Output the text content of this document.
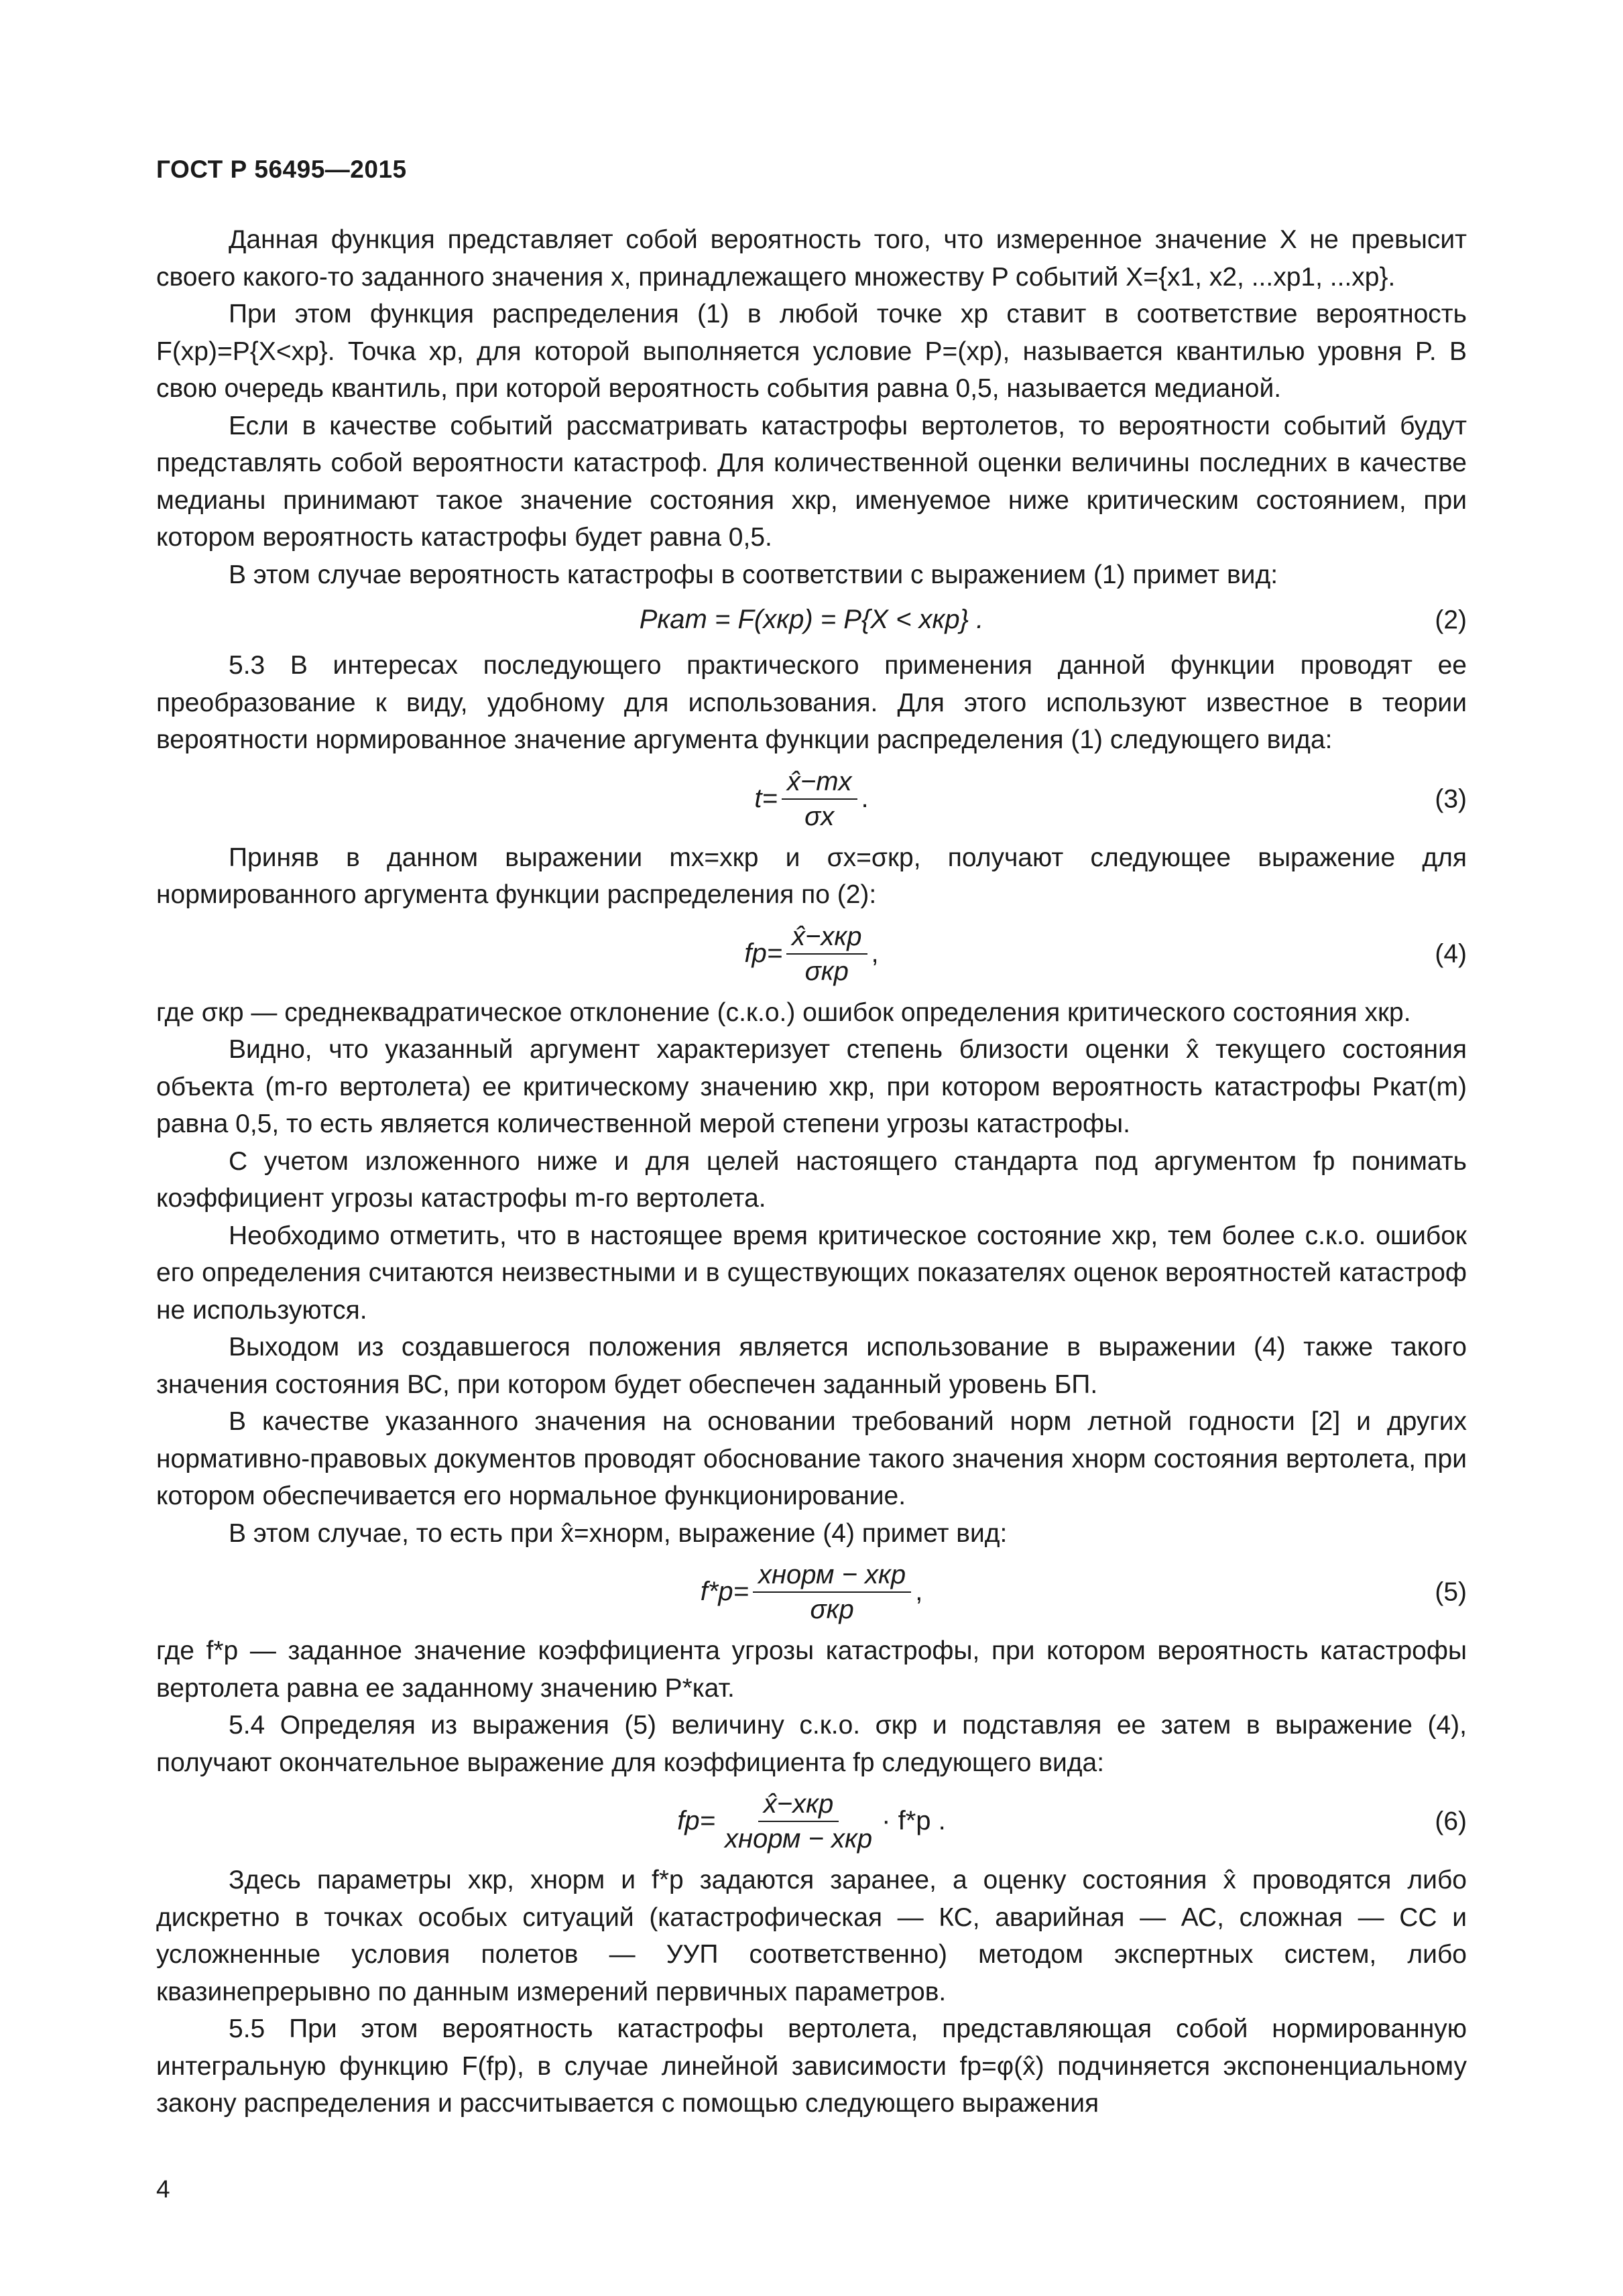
ГОСТ Р 56495—2015

Данная функция представляет собой вероятность того, что измеренное значение X не превысит своего какого-то заданного значения x, принадлежащего множеству P событий X={x1, x2, ...xp1, ...xp}.

При этом функция распределения (1) в любой точке xp ставит в соответствие вероятность F(xp)=P{X<xp}. Точка xp, для которой выполняется условие P=(xp), называется квантилью уровня P. В свою очередь квантиль, при которой вероятность события равна 0,5, называется медианой.

Если в качестве событий рассматривать катастрофы вертолетов, то вероятности событий будут представлять собой вероятности катастроф. Для количественной оценки величины последних в качестве медианы принимают такое значение состояния xкр, именуемое ниже критическим состоянием, при котором вероятность катастрофы будет равна 0,5.

В этом случае вероятность катастрофы в соответствии с выражением (1) примет вид:

Pкат = F(xкр) = P{X < xкр} .	(2)

5.3 В интересах последующего практического применения данной функции проводят ее преобразование к виду, удобному для использования. Для этого используют известное в теории вероятности нормированное значение аргумента функции распределения (1) следующего вида:

$t= \frac{x̂-mx}{\sigma x}$ .	(3)

Приняв в данном выражении mx=xкр и σx=σкр, получают следующее выражение для нормированного аргумента функции распределения по (2):

$fр= \frac{\text{x̂−xкр}}{\text{σкр}}$ ,	(4)

где σкр — среднеквадратическое отклонение (с.к.о.) ошибок определения критического состояния xкр.

Видно, что указанный аргумент характеризует степень близости оценки x̂ текущего состояния объекта (m-го вертолета) ее критическому значению xкр, при котором вероятность катастрофы Pкат(m) равна 0,5, то есть является количественной мерой степени угрозы катастрофы.

С учетом изложенного ниже и для целей настоящего стандарта под аргументом fр понимать коэффициент угрозы катастрофы m-го вертолета.

Необходимо отметить, что в настоящее время критическое состояние xкр, тем более с.к.о. ошибок его определения считаются неизвестными и в существующих показателях оценок вероятностей катастроф не используются.

Выходом из создавшегося положения является использование в выражении (4) также такого значения состояния ВС, при котором будет обеспечен заданный уровень БП.

В качестве указанного значения на основании требований норм летной годности [2] и других нормативно-правовых документов проводят обоснование такого значения xнорм состояния вертолета, при котором обеспечивается его нормальное функционирование.

В этом случае, то есть при x̂=xнорм, выражение (4) примет вид:

$f*р= \frac{\text{xнорм − xкр}}{\text{σкр}}$ ,	(5)

где f*р — заданное значение коэффициента угрозы катастрофы, при котором вероятность катастрофы вертолета равна ее заданному значению P*кат.

5.4 Определяя из выражения (5) величину с.к.о. σкр и подставляя ее затем в выражение (4), получают окончательное выражение для коэффициента fр следующего вида:

$fр= \frac{\text{x̂−xкр}}{\text{xнорм − xкр}} \cdot f*р$ .	(6)

Здесь параметры xкр, xнорм и f*р задаются заранее, а оценку состояния x̂ проводятся либо дискретно в точках особых ситуаций (катастрофическая — КС, аварийная — АС, сложная — СС и усложненные условия полетов — УУП соответственно) методом экспертных систем, либо квазинепрерывно по данным измерений первичных параметров.

5.5 При этом вероятность катастрофы вертолета, представляющая собой нормированную интегральную функцию F(fр), в случае линейной зависимости fр=φ(x̂) подчиняется экспоненциальному закону распределения и рассчитывается с помощью следующего выражения

4
